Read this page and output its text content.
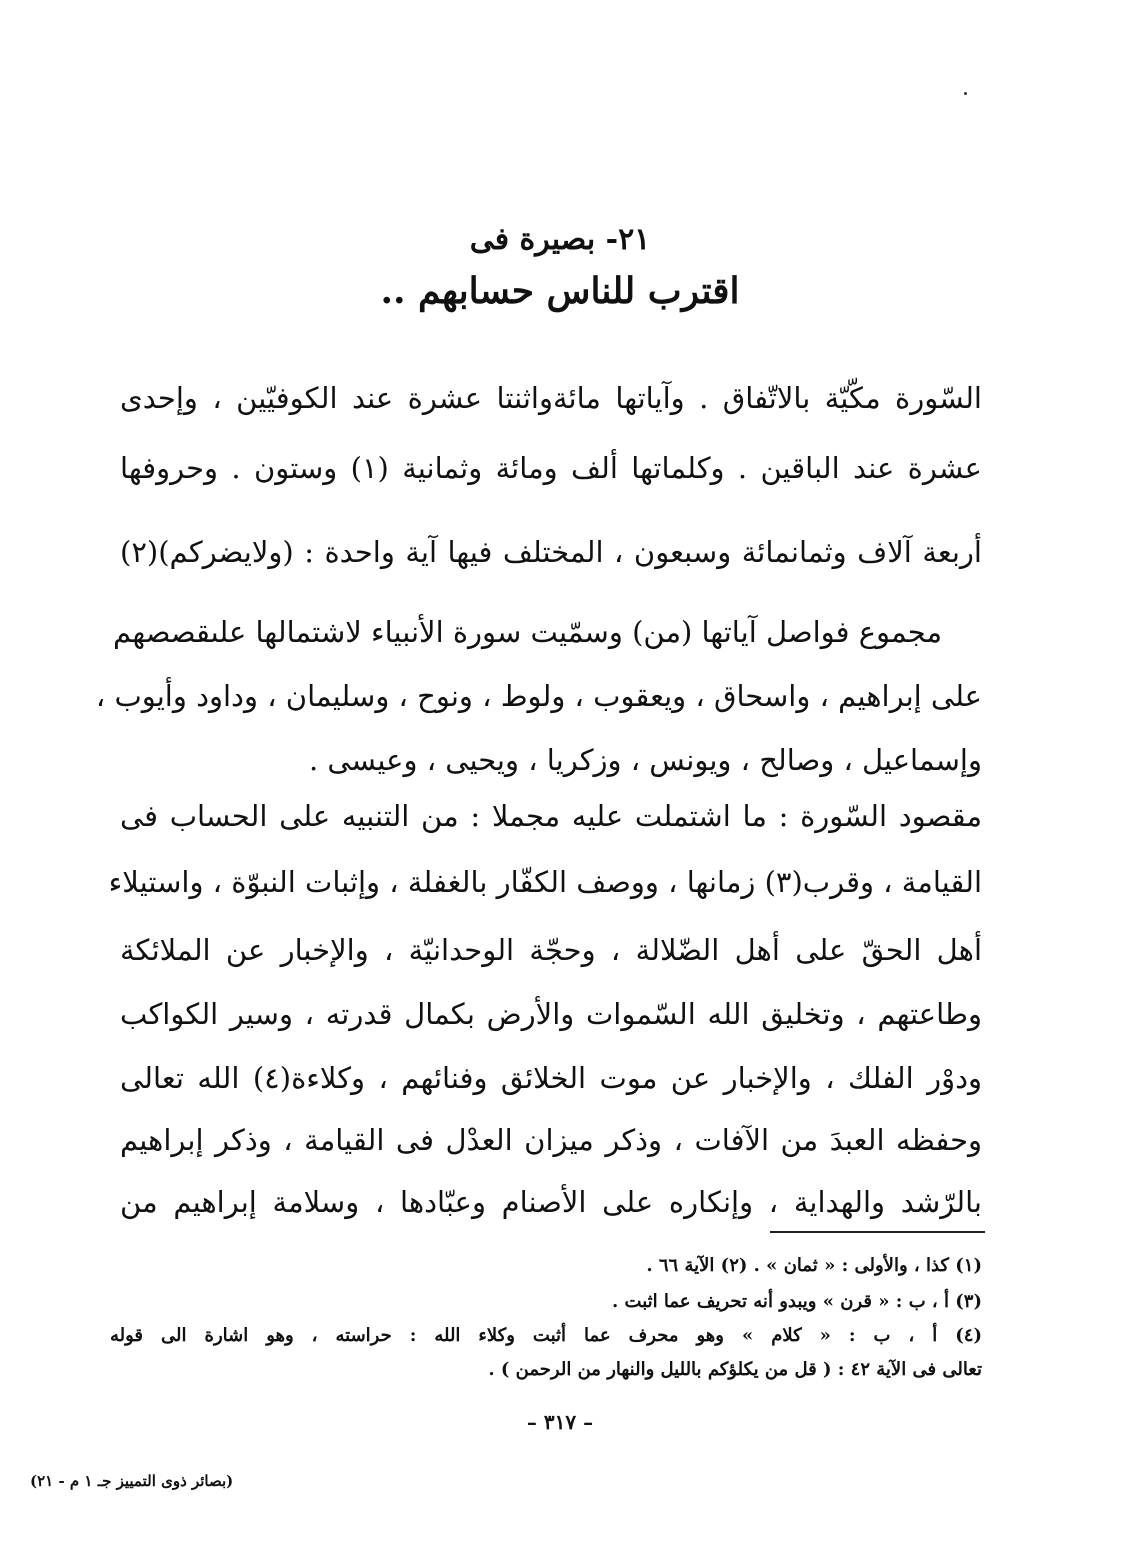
٢١- بصيرة فى
اقترب للناس حسابهم ..
السّورة مكّيّة بالاتّفاق . وآياتها مائةواثنتا عشرة عند الكوفيّين ، وإحدى
عشرة عند الباقين . وكلماتها ألف ومائة وثمانية (١) وستون . وحروفها
أربعة آلاف وثمانمائة وسبعون ، المختلف فيها آية واحدة : (ولايضركم)(٢)
مجموع فواصل آياتها (من) وسمّيت سورة الأنبياء لاشتمالها علىقصصهم
على إبراهيم ، واسحاق ، ويعقوب ، ولوط ، ونوح ، وسليمان ، وداود وأيوب ،
وإسماعيل ، وصالح ، ويونس ، وزكريا ، ويحيى ، وعيسى .
مقصود السّورة : ما اشتملت عليه مجملا : من التنبيه على الحساب فى
القيامة ، وقرب(٣) زمانها ، ووصف الكفّار بالغفلة ، وإثبات النبوّة ، واستيلاء
أهل الحقّ على أهل الضّلالة ، وحجّة الوحدانيّة ، والإخبار عن الملائكة
وطاعتهم ، وتخليق الله السّموات والأرض بكمال قدرته ، وسير الكواكب
ودوْر الفلك ، والإخبار عن موت الخلائق وفنائهم ، وكلاءة(٤) الله تعالى
وحفظه العبدَ من الآفات ، وذكر ميزان العدْل فى القيامة ، وذكر إبراهيم
بالرّشد والهداية ، وإنكاره على الأصنام وعبّادها ، وسلامة إبراهيم من
(١) كذا ، والأولى : « ثمان » . (٢) الآية ٦٦ .
(٣) أ ، ب : « قرن » ويبدو أنه تحريف عما اثبت .
(٤) أ ، ب : « كلام » وهو محرف عما أثبت وكلاء الله : حراسته ، وهو اشارة الى قوله
تعالى فى الآية ٤٢ : ( قل من يكلؤكم بالليل والنهار من الرحمن ) .
– ٣١٧ –
(بصائر ذوى التمييز جـ ١ م - ٢١)
